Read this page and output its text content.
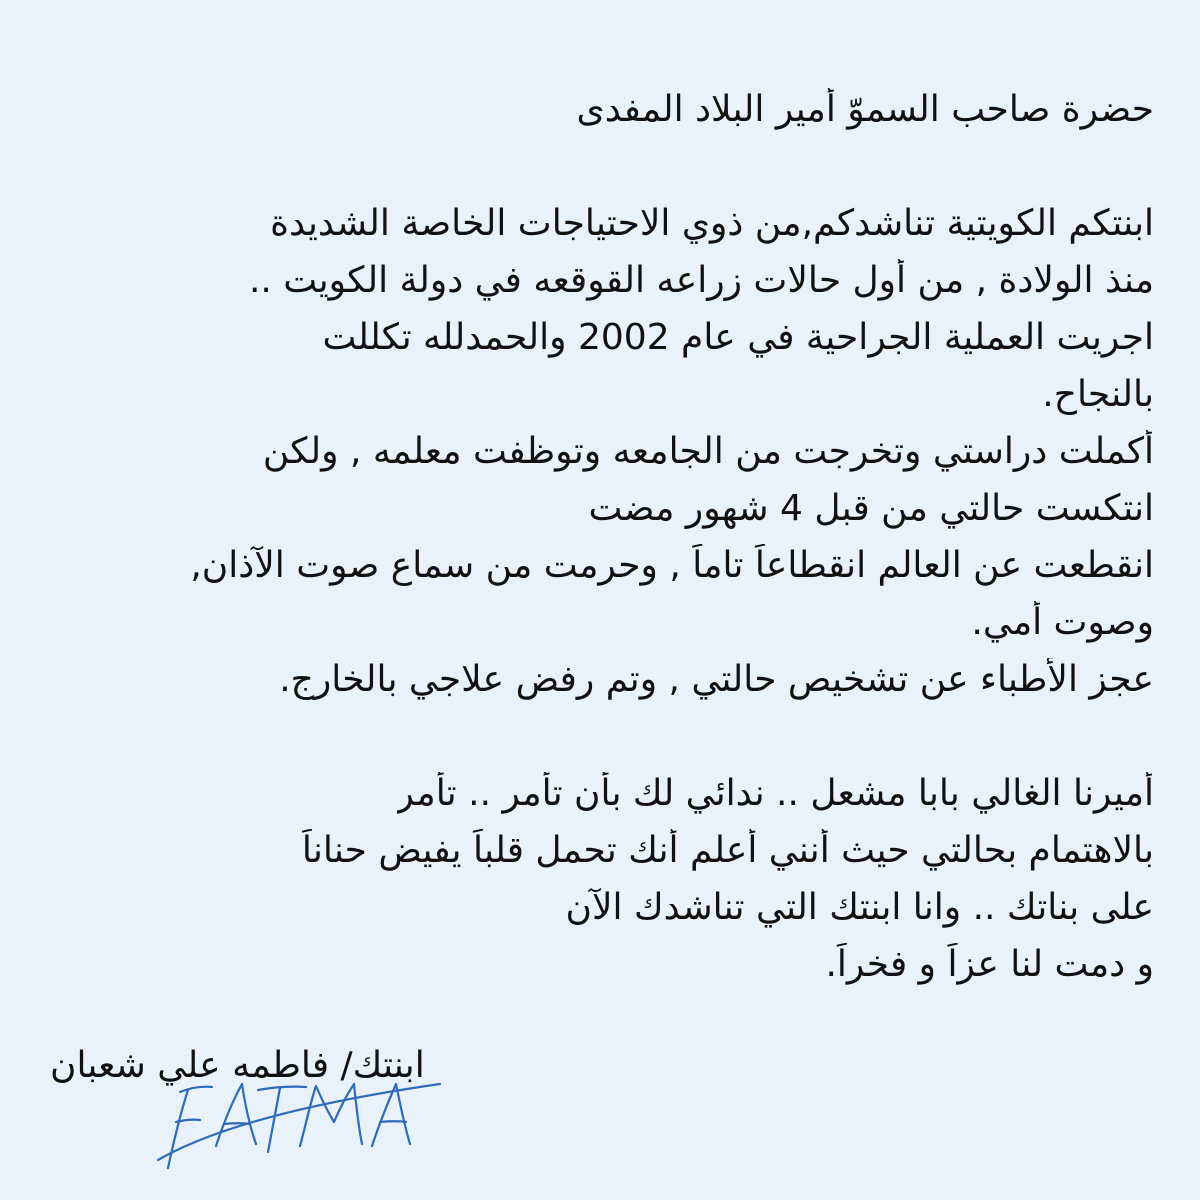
حضرة صاحب السموّ أمير البلاد المفدى
ابنتكم الكويتية تناشدكم,من ذوي الاحتياجات الخاصة الشديدة
منذ الولادة , من أول حالات زراعه القوقعه في دولة الكويت ..
اجريت العملية الجراحية في عام 2002 والحمدلله تكللت
بالنجاح.
أكملت دراستي وتخرجت من الجامعه وتوظفت معلمه , ولكن
انتكست حالتي من قبل 4 شهور مضت
انقطعت عن العالم انقطاعاً تاماً , وحرمت من سماع صوت الآذان,
وصوت أمي.
عجز الأطباء عن تشخيص حالتي , وتم رفض علاجي بالخارج.
أميرنا الغالي بابا مشعل .. ندائي لك بأن تأمر .. تأمر
بالاهتمام بحالتي حيث أنني أعلم أنك تحمل قلباً يفيض حناناً
على بناتك .. وانا ابنتك التي تناشدك الآن
و دمت لنا عزاً و فخراً.
ابنتك/ فاطمه علي شعبان
